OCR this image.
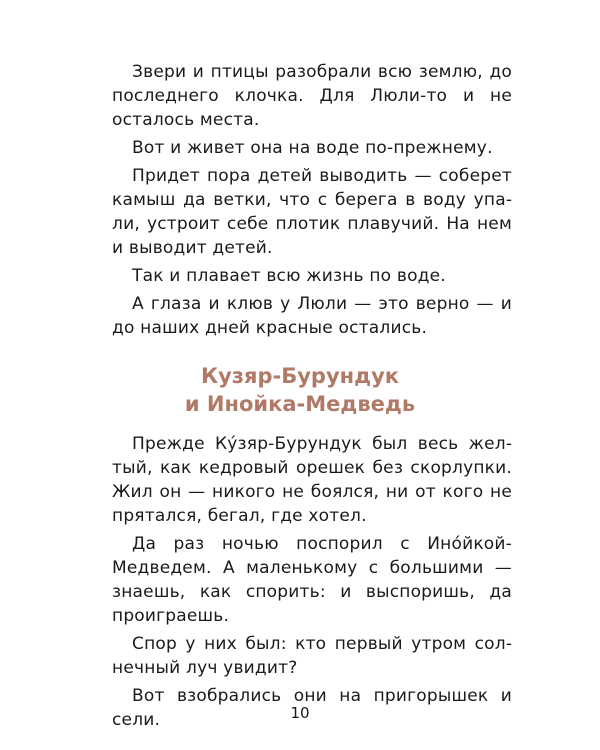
Звери и птицы разобрали всю землю, до последнего клочка. Для Люли-то и не осталось места.

Вот и живет она на воде по-прежнему.

Придет пора детей выводить — соберет камыш да ветки, что с берега в воду упали, устроит себе плотик плавучий. На нем и выводит детей.

Так и плавает всю жизнь по воде.

А глаза и клюв у Люли — это верно — и до наших дней красные остались.

Кузяр-Бурундук
и Инойка-Медведь

Прежде Ку́зяр-Бурундук был весь желтый, как кедровый орешек без скорлупки. Жил он — никого не боялся, ни от кого не прятался, бегал, где хотел.

Да раз ночью поспорил с Ино́йкой-Медведем. А маленькому с большими — знаешь, как спорить: и выспоришь, да проиграешь.

Спор у них был: кто первый утром солнечный луч увидит?

Вот взобрались они на пригорышек и сели.	10
